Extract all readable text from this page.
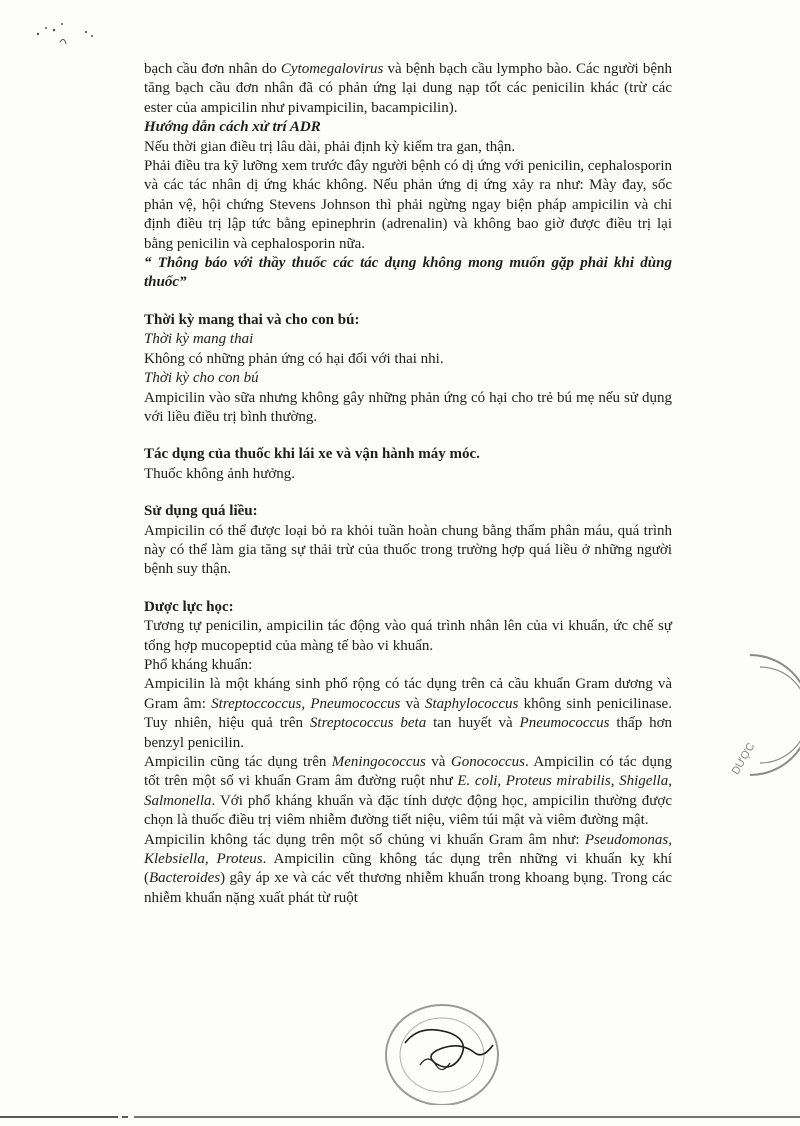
bạch cầu đơn nhân do Cytomegalovirus và bệnh bạch cầu lympho bào. Các người bệnh tăng bạch cầu đơn nhân đã có phản ứng lại dung nạp tốt các penicilin khác (trừ các ester của ampicilin như pivampicilin, bacampicilin).

Hướng dẫn cách xử trí ADR

Nếu thời gian điều trị lâu dài, phải định kỳ kiểm tra gan, thận.

Phải điều tra kỹ lưỡng xem trước đây người bệnh có dị ứng với penicilin, cephalosporin và các tác nhân dị ứng khác không. Nếu phản ứng dị ứng xảy ra như: Mày đay, sốc phản vệ, hội chứng Stevens Johnson thì phải ngừng ngay biện pháp ampicilin và chỉ định điều trị lập tức bằng epinephrin (adrenalin) và không bao giờ được điều trị lại bằng penicilin và cephalosporin nữa.

“ Thông báo với thầy thuốc các tác dụng không mong muốn gặp phải khi dùng thuốc”

Thời kỳ mang thai và cho con bú:

Thời kỳ mang thai

Không có những phản ứng có hại đối với thai nhi.

Thời kỳ cho con bú

Ampicilin vào sữa nhưng không gây những phản ứng có hại cho trẻ bú mẹ nếu sử dụng với liều điều trị bình thường.

Tác dụng của thuốc khi lái xe và vận hành máy móc.

Thuốc không ảnh hưởng.

Sử dụng quá liều:

Ampicilin có thể được loại bỏ ra khỏi tuần hoàn chung bằng thẩm phân máu, quá trình này có thể làm gia tăng sự thải trừ của thuốc trong trường hợp quá liều ở những người bệnh suy thận.

Dược lực học:

Tương tự penicilin, ampicilin tác động vào quá trình nhân lên của vi khuẩn, ức chế sự tổng hợp mucopeptid của màng tế bào vi khuẩn.

Phổ kháng khuẩn:

Ampicilin là một kháng sinh phổ rộng có tác dụng trên cả cầu khuẩn Gram dương và Gram âm: Streptoccoccus, Pneumococcus và Staphylococcus không sinh penicilinase. Tuy nhiên, hiệu quả trên Streptococcus beta tan huyết và Pneumococcus thấp hơn benzyl penicilin.

Ampicilin cũng tác dụng trên Meningococcus và Gonococcus. Ampicilin có tác dụng tốt trên một số vi khuẩn Gram âm đường ruột như E. coli, Proteus mirabilis, Shigella, Salmonella. Với phổ kháng khuẩn và đặc tính dược động học, ampicilin thường được chọn là thuốc điều trị viêm nhiễm đường tiết niệu, viêm túi mật và viêm đường mật.

Ampicilin không tác dụng trên một số chủng vi khuẩn Gram âm như: Pseudomonas, Klebsiella, Proteus. Ampicilin cũng không tác dụng trên những vi khuẩn kỵ khí (Bacteroides) gây áp xe và các vết thương nhiễm khuẩn trong khoang bụng. Trong các nhiễm khuẩn nặng xuất phát từ ruột

DƯỢC
